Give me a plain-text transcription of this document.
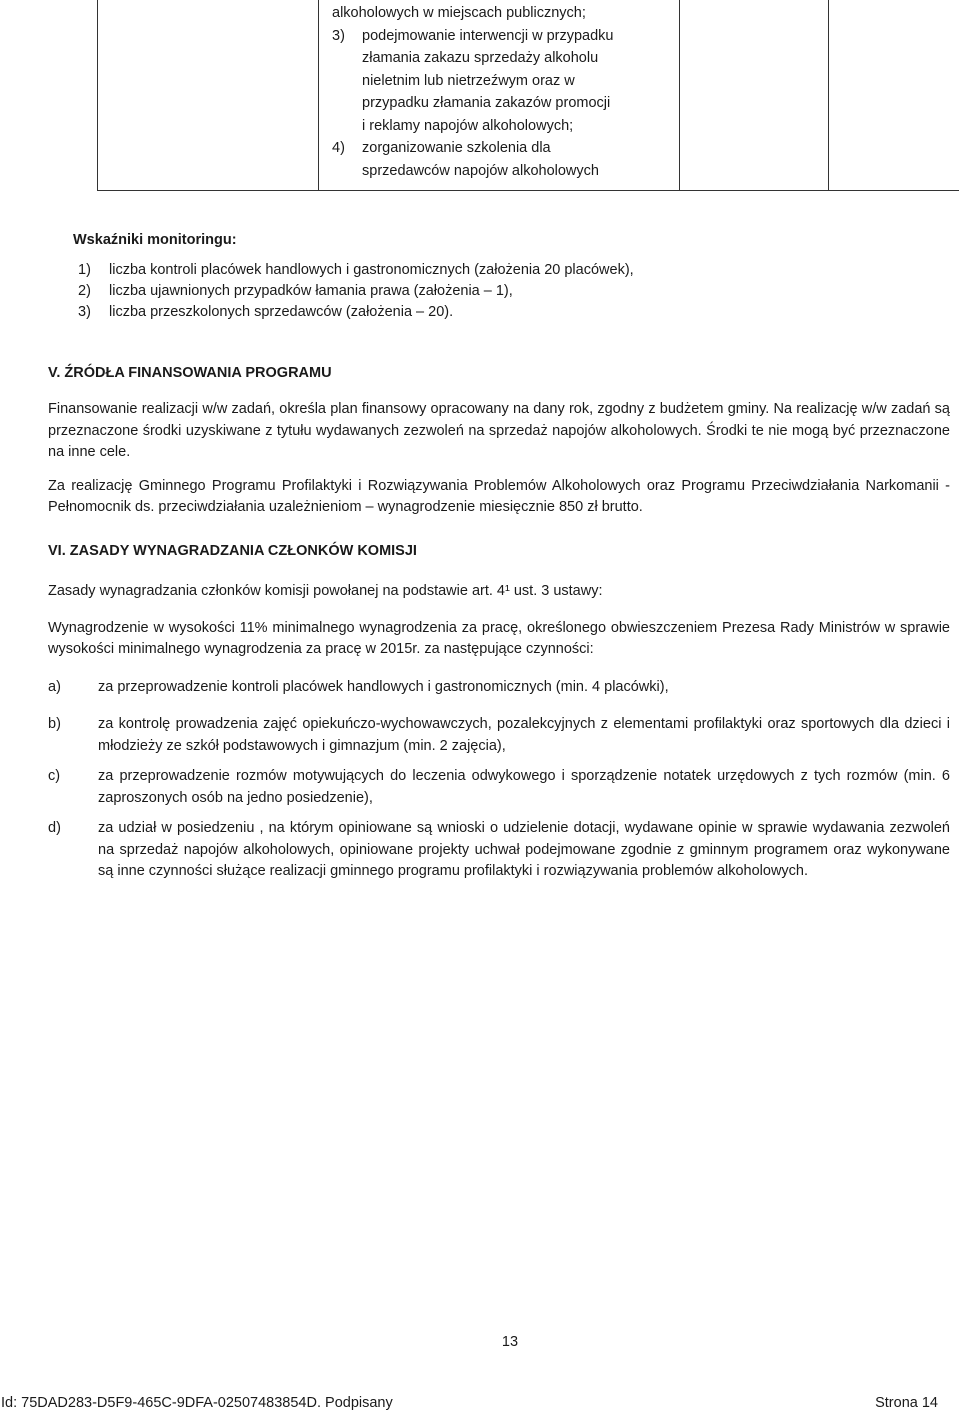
alkoholowych w miejscach publicznych;
3)	podejmowanie interwencji w przypadku
złamania zakazu sprzedaży alkoholu
nieletnim lub nietrzeźwym oraz w
przypadku złamania zakazów promocji
i reklamy napojów alkoholowych;
4)	zorganizowanie szkolenia dla
sprzedawców napojów alkoholowych
Wskaźniki monitoringu:
1)	liczba kontroli placówek handlowych i gastronomicznych (założenia 20 placówek),
2)	liczba ujawnionych przypadków łamania prawa (założenia – 1),
3)	liczba przeszkolonych sprzedawców (założenia – 20).
V. ŹRÓDŁA FINANSOWANIA PROGRAMU

Finansowanie realizacji w/w zadań, określa plan finansowy opracowany na dany rok, zgodny z budżetem gminy. Na realizację w/w zadań są przeznaczone środki uzyskiwane z tytułu wydawanych zezwoleń na sprzedaż napojów alkoholowych. Środki te nie mogą być przeznaczone na inne cele.

Za realizację Gminnego Programu Profilaktyki i Rozwiązywania Problemów Alkoholowych oraz Programu Przeciwdziałania Narkomanii -Pełnomocnik ds. przeciwdziałania uzależnieniom – wynagrodzenie miesięcznie 850 zł brutto.

VI. ZASADY WYNAGRADZANIA CZŁONKÓW KOMISJI

Zasady wynagradzania członków komisji powołanej na podstawie art. 4¹ ust. 3 ustawy:

Wynagrodzenie w wysokości 11% minimalnego wynagrodzenia za pracę, określonego obwieszczeniem Prezesa Rady Ministrów w sprawie wysokości minimalnego wynagrodzenia za pracę w 2015r. za następujące czynności:

a)	za przeprowadzenie kontroli placówek handlowych i gastronomicznych (min. 4 placówki),
b)	za kontrolę prowadzenia zajęć opiekuńczo-wychowawczych, pozalekcyjnych z elementami profilaktyki oraz sportowych dla dzieci i młodzieży ze szkół podstawowych i gimnazjum (min. 2 zajęcia),
c)	za przeprowadzenie rozmów motywujących do leczenia odwykowego i sporządzenie notatek urzędowych z tych rozmów (min. 6 zaproszonych osób na jedno posiedzenie),
d)	za udział w posiedzeniu , na którym opiniowane są wnioski o udzielenie dotacji, wydawane opinie w sprawie wydawania zezwoleń na sprzedaż napojów alkoholowych, opiniowane projekty uchwał podejmowane zgodnie z gminnym programem oraz wykonywane są inne czynności służące realizacji gminnego programu profilaktyki i rozwiązywania problemów alkoholowych.
13
Id: 75DAD283-D5F9-465C-9DFA-02507483854D. Podpisany	Strona 14
